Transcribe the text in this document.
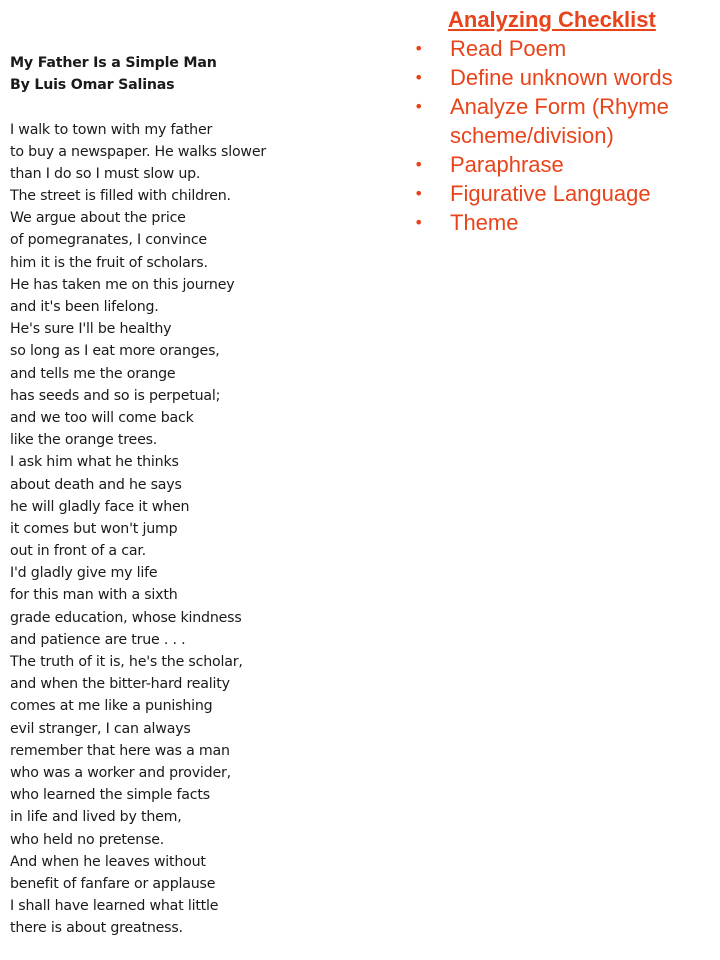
My Father Is a Simple Man
By Luis Omar Salinas
I walk to town with my father
to buy a newspaper. He walks slower
than I do so I must slow up.
The street is filled with children.
We argue about the price
of pomegranates, I convince
him it is the fruit of scholars.
He has taken me on this journey
and it's been lifelong.
He's sure I'll be healthy
so long as I eat more oranges,
and tells me the orange
has seeds and so is perpetual;
and we too will come back
like the orange trees.
I ask him what he thinks
about death and he says
he will gladly face it when
it comes but won't jump
out in front of a car.
I'd gladly give my life
for this man with a sixth
grade education, whose kindness
and patience are true . . .
The truth of it is, he's the scholar,
and when the bitter-hard reality
comes at me like a punishing
evil stranger, I can always
remember that here was a man
who was a worker and provider,
who learned the simple facts
in life and lived by them,
who held no pretense.
And when he leaves without
benefit of fanfare or applause
I shall have learned what little
there is about greatness.
Analyzing Checklist
•	Read Poem
•	Define unknown words
•	Analyze Form (Rhyme scheme/division)
•	Paraphrase
•	Figurative Language
•	Theme
